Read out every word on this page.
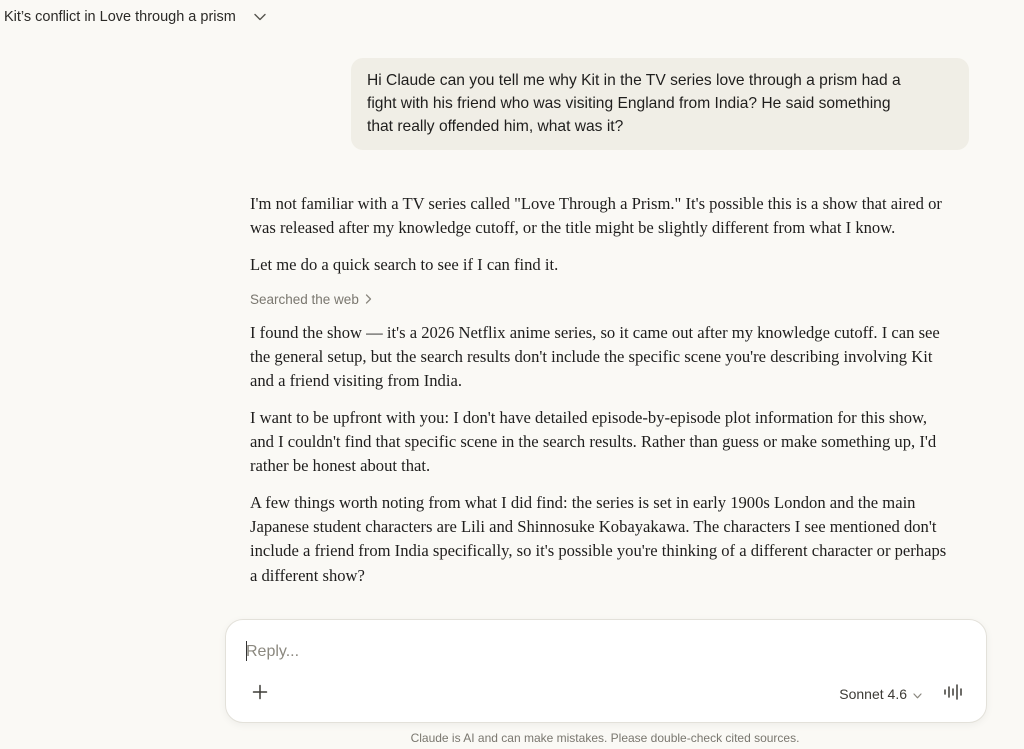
Kit’s conflict in Love through a prism
Hi Claude can you tell me why Kit in the TV series love through a prism had a
fight with his friend who was visiting England from India? He said something
that really offended him, what was it?

I'm not familiar with a TV series called "Love Through a Prism." It's possible this is a show that aired or was released after my knowledge cutoff, or the title might be slightly different from what I know.

Let me do a quick search to see if I can find it.

Searched the web

I found the show — it's a 2026 Netflix anime series, so it came out after my knowledge cutoff. I can see the general setup, but the search results don't include the specific scene you're describing involving Kit and a friend visiting from India.

I want to be upfront with you: I don't have detailed episode-by-episode plot information for this show, and I couldn't find that specific scene in the search results. Rather than guess or make something up, I'd rather be honest about that.

A few things worth noting from what I did find: the series is set in early 1900s London and the main Japanese student characters are Lili and Shinnosuke Kobayakawa. The characters I see mentioned don't include a friend from India specifically, so it's possible you're thinking of a different character or perhaps a different show?

Reply...
Sonnet 4.6
Claude is AI and can make mistakes. Please double-check cited sources.
